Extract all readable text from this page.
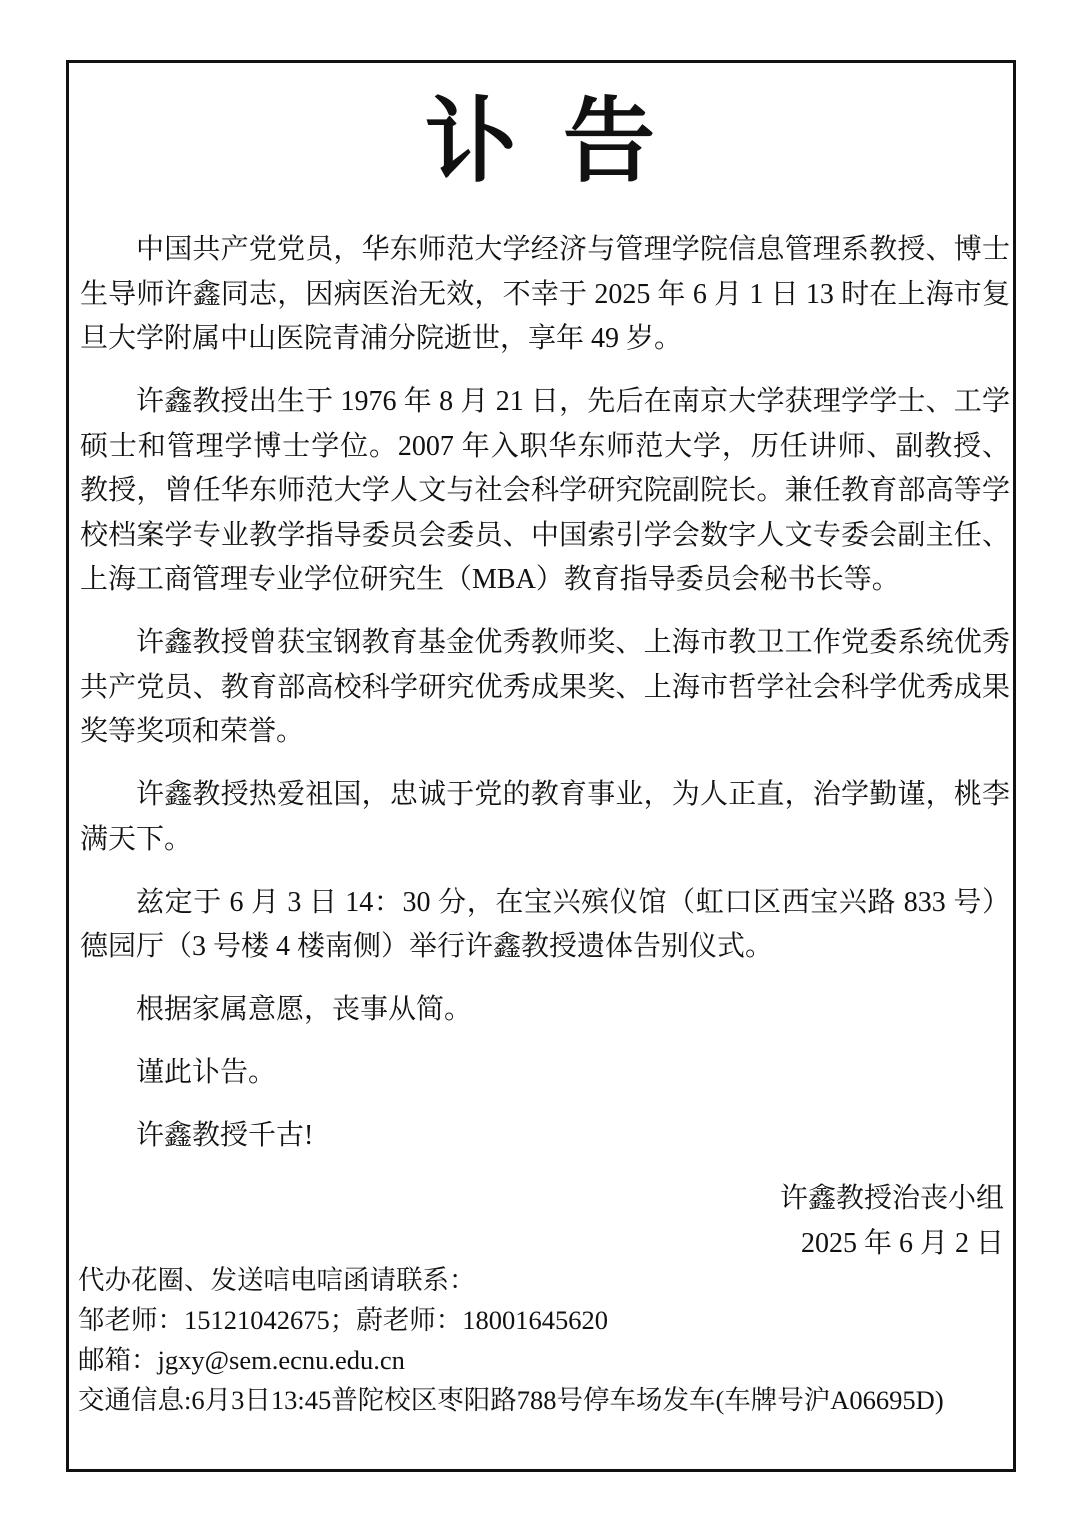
讣告

中国共产党党员，华东师范大学经济与管理学院信息管理系教授、博士生导师许鑫同志，因病医治无效，不幸于 2025 年 6 月 1 日 13 时在上海市复旦大学附属中山医院青浦分院逝世，享年 49 岁。

许鑫教授出生于 1976 年 8 月 21 日，先后在南京大学获理学学士、工学硕士和管理学博士学位。2007 年入职华东师范大学，历任讲师、副教授、教授，曾任华东师范大学人文与社会科学研究院副院长。兼任教育部高等学校档案学专业教学指导委员会委员、中国索引学会数字人文专委会副主任、上海工商管理专业学位研究生（MBA）教育指导委员会秘书长等。

许鑫教授曾获宝钢教育基金优秀教师奖、上海市教卫工作党委系统优秀共产党员、教育部高校科学研究优秀成果奖、上海市哲学社会科学优秀成果奖等奖项和荣誉。

许鑫教授热爱祖国，忠诚于党的教育事业，为人正直，治学勤谨，桃李满天下。

兹定于 6 月 3 日 14：30 分，在宝兴殡仪馆（虹口区西宝兴路 833 号）德园厅（3 号楼 4 楼南侧）举行许鑫教授遗体告别仪式。

根据家属意愿，丧事从简。

谨此讣告。

许鑫教授千古!

许鑫教授治丧小组

2025 年 6 月 2 日

代办花圈、发送唁电唁函请联系：

邹老师：15121042675；蔚老师：18001645620

邮箱：jgxy@sem.ecnu.edu.cn

交通信息:6月3日13:45普陀校区枣阳路788号停车场发车(车牌号沪A06695D)
